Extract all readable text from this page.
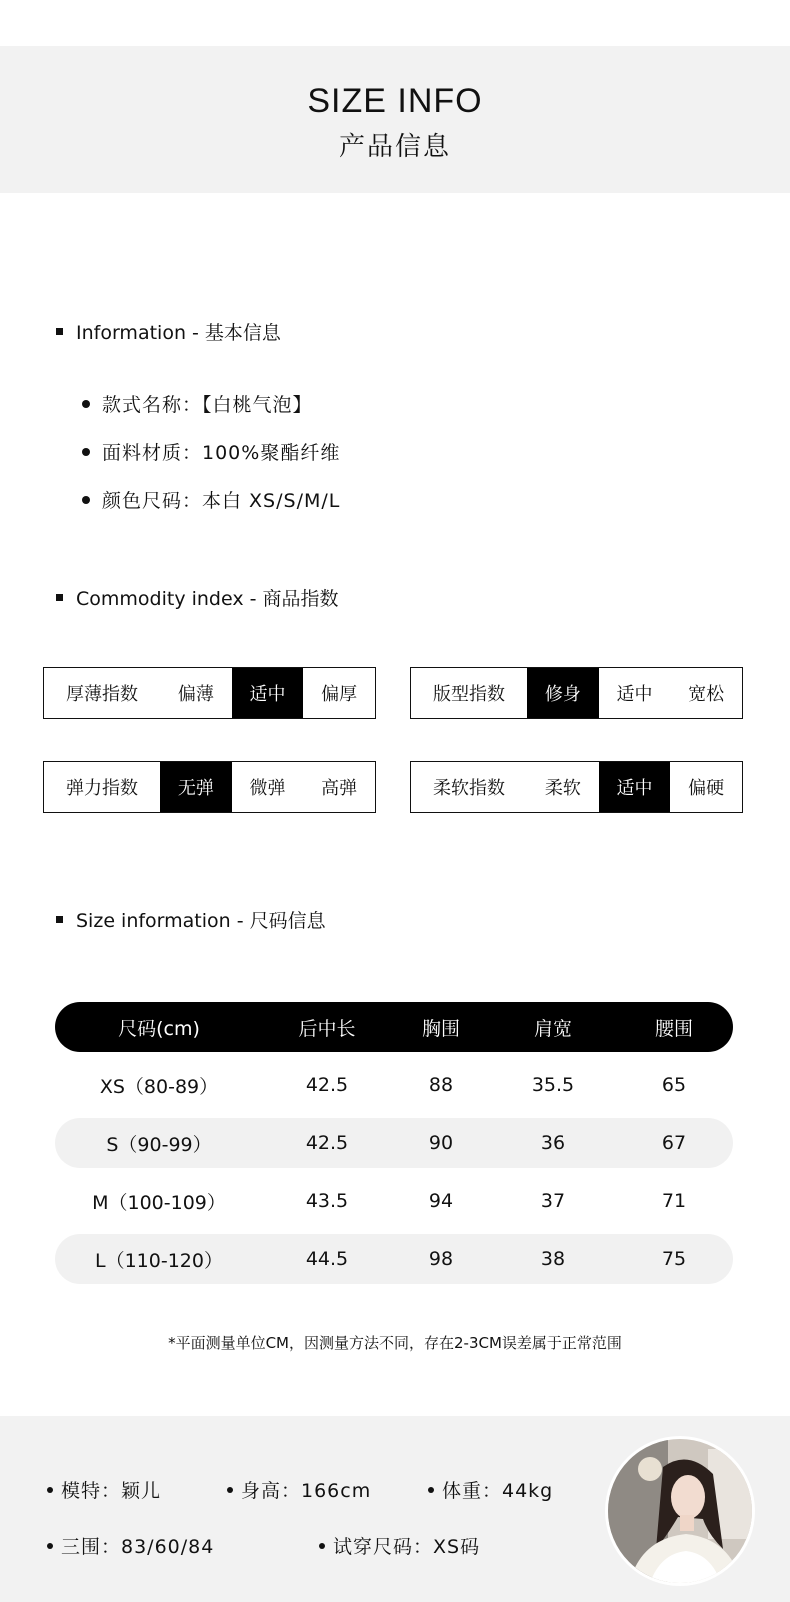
SIZE INFO
产品信息
Information - 基本信息
款式名称：【白桃气泡】
面料材质：100%聚酯纤维
颜色尺码：本白 XS/S/M/L
Commodity index - 商品指数
厚薄指数	偏薄	适中	偏厚	版型指数	修身	适中	宽松
弹力指数	无弹	微弹	高弹	柔软指数	柔软	适中	偏硬
Size information - 尺码信息
尺码(cm)	后中长	胸围	肩宽	腰围
XS（80-89）	42.5	88	35.5	65
S（90-99）	42.5	90	36	67
M（100-109）	43.5	94	37	71
L（110-120）	44.5	98	38	75
*平面测量单位CM，因测量方法不同，存在2-3CM误差属于正常范围
模特：颖儿	身高：166cm	体重：44kg
三围：83/60/84	试穿尺码：XS码
